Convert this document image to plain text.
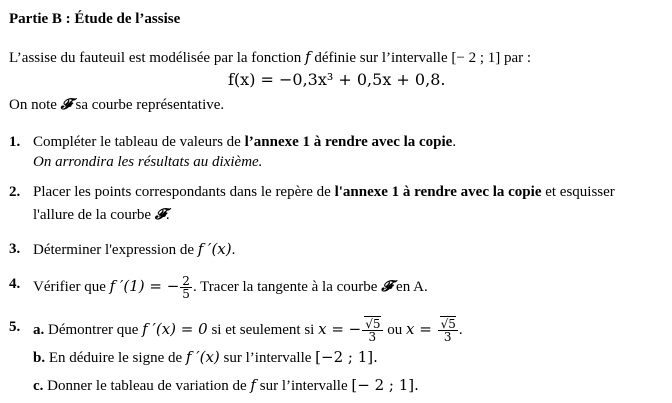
Partie B : Étude de l’assise
L’assise du fauteuil est modélisée par la fonction f définie sur l’intervalle [− 2 ; 1] par :
f(x) = −0,3x³ + 0,5x + 0,8.
On note 𝓕 sa courbe représentative.
1. Compléter le tableau de valeurs de l’annexe 1 à rendre avec la copie.
On arrondira les résultats au dixième.
2. Placer les points correspondants dans le repère de l'annexe 1 à rendre avec la copie et esquisser
l'allure de la courbe 𝓕.
3. Déterminer l'expression de f ′(x).
4. Vérifier que f ′(1) = − $\frac{2}{5}$ . Tracer la tangente à la courbe 𝓕 en A.
5. a. Démontrer que f ′(x) = 0 si et seulement si x = − $\frac{√5}{3}$ ou $x = \frac{√5}{3}$ .
b. En déduire le signe de f ′(x) sur l’intervalle [−2 ; 1].
c. Donner le tableau de variation de f sur l’intervalle [− 2 ; 1].
